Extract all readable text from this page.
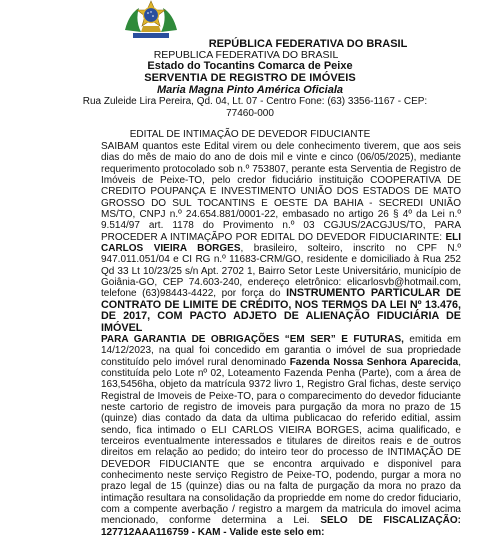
REPÚBLICA FEDERATIVA DO BRASIL
REPUBLICA FEDERATIVA DO BRASIL
Estado do Tocantins Comarca de Peixe
SERVENTIA DE REGISTRO DE IMÓVEIS
Maria Magna Pinto América Oficiala
Rua Zuleide Lira Pereira, Qd. 04, Lt. 07 - Centro Fone: (63) 3356-1167 - CEP:
77460-000
EDITAL DE INTIMAÇÃO DE DEVEDOR FIDUCIANTE

SAIBAM quantos este Edital virem ou dele conhecimento tiverem, que aos seis dias do mês de maio do ano de dois mil e vinte e cinco (06/05/2025), mediante requerimento protocolado sob n.º 753807, perante esta Serventia de Registro de Imóveis de Peixe-TO, pelo credor fiduciário instituição COOPERATIVA DE CREDITO POUPANÇA E INVESTIMENTO UNIÃO DOS ESTADOS DE MATO GROSSO DO SUL TOCANTINS E OESTE DA BAHIA - SECREDI UNIÃO MS/TO, CNPJ n.º 24.654.881/0001-22, embasado no artigo 26 § 4º da Lei n.º 9.514/97 art. 1178 do Provimento n.º 03 CGJUS/2ACGJUS/TO, PARA PROCEDER A INTIMAÇÃPO POR EDITAL DO DEVEDOR FIDUCIARINTE: ELI CARLOS VIEIRA BORGES, brasileiro, solteiro, inscrito no CPF N.º 947.011.051/04 e CI RG n.º 11683-CRM/GO, residente e domiciliado à Rua 252 Qd 33 Lt 10/23/25 s/n Apt. 2702 1, Bairro Setor Leste Universitário, município de Goiânia-GO, CEP 74.603-240, endereço eletrônico: elicarlosvb@hotmail.com, telefone (63)98443-4422, por força do INSTRUMENTO PARTICULAR DE CONTRATO DE LIMITE DE CRÉDITO, NOS TERMOS DA LEI Nº 13.476, DE 2017, COM PACTO ADJETO DE ALIENAÇÃO FIDUCIÁRIA DE IMÓVEL

PARA GARANTIA DE OBRIGAÇÕES “EM SER” E FUTURAS, emitida em 14/12/2023, na qual foi concedido em garantia o imóvel de sua propriedade constituído pelo imóvel rural denominado Fazenda Nossa Senhora Aparecida, constituída pelo Lote nº 02, Loteamento Fazenda Penha (Parte), com a área de 163,5456ha, objeto da matrícula 9372 livro 1, Registro Gral fichas, deste serviço Registral de Imoveis de Peixe-TO, para o comparecimento do devedor fiduciante neste cartorio de registro de imoveis para purgação da mora no prazo de 15 (quinze) dias contado da data da ultima publicacao do referido editial, assim sendo, fica intimado o ELI CARLOS VIEIRA BORGES, acima qualificado, e terceiros eventualmente interessados e titulares de direitos reais e de outros direitos em relação ao pedido; do inteiro teor do processo de INTIMAÇÃO DE DEVEDOR FIDUCIANTE que se encontra arquivado e disponivel para conhecimento neste serviço Registro de Peixe-TO, podendo, purgar a mora no prazo legal de 15 (quinze) dias ou na falta de purgação da mora no prazo da intimação resultara na consolidação da propriedde em nome do credor fiduciario, com a compente averbação / registro a margem da matricula do imovel acima mencionado, conforme determina a Lei. SELO DE FISCALIZAÇÃO: 127712AAA116759 - KAM - Valide este selo em:
